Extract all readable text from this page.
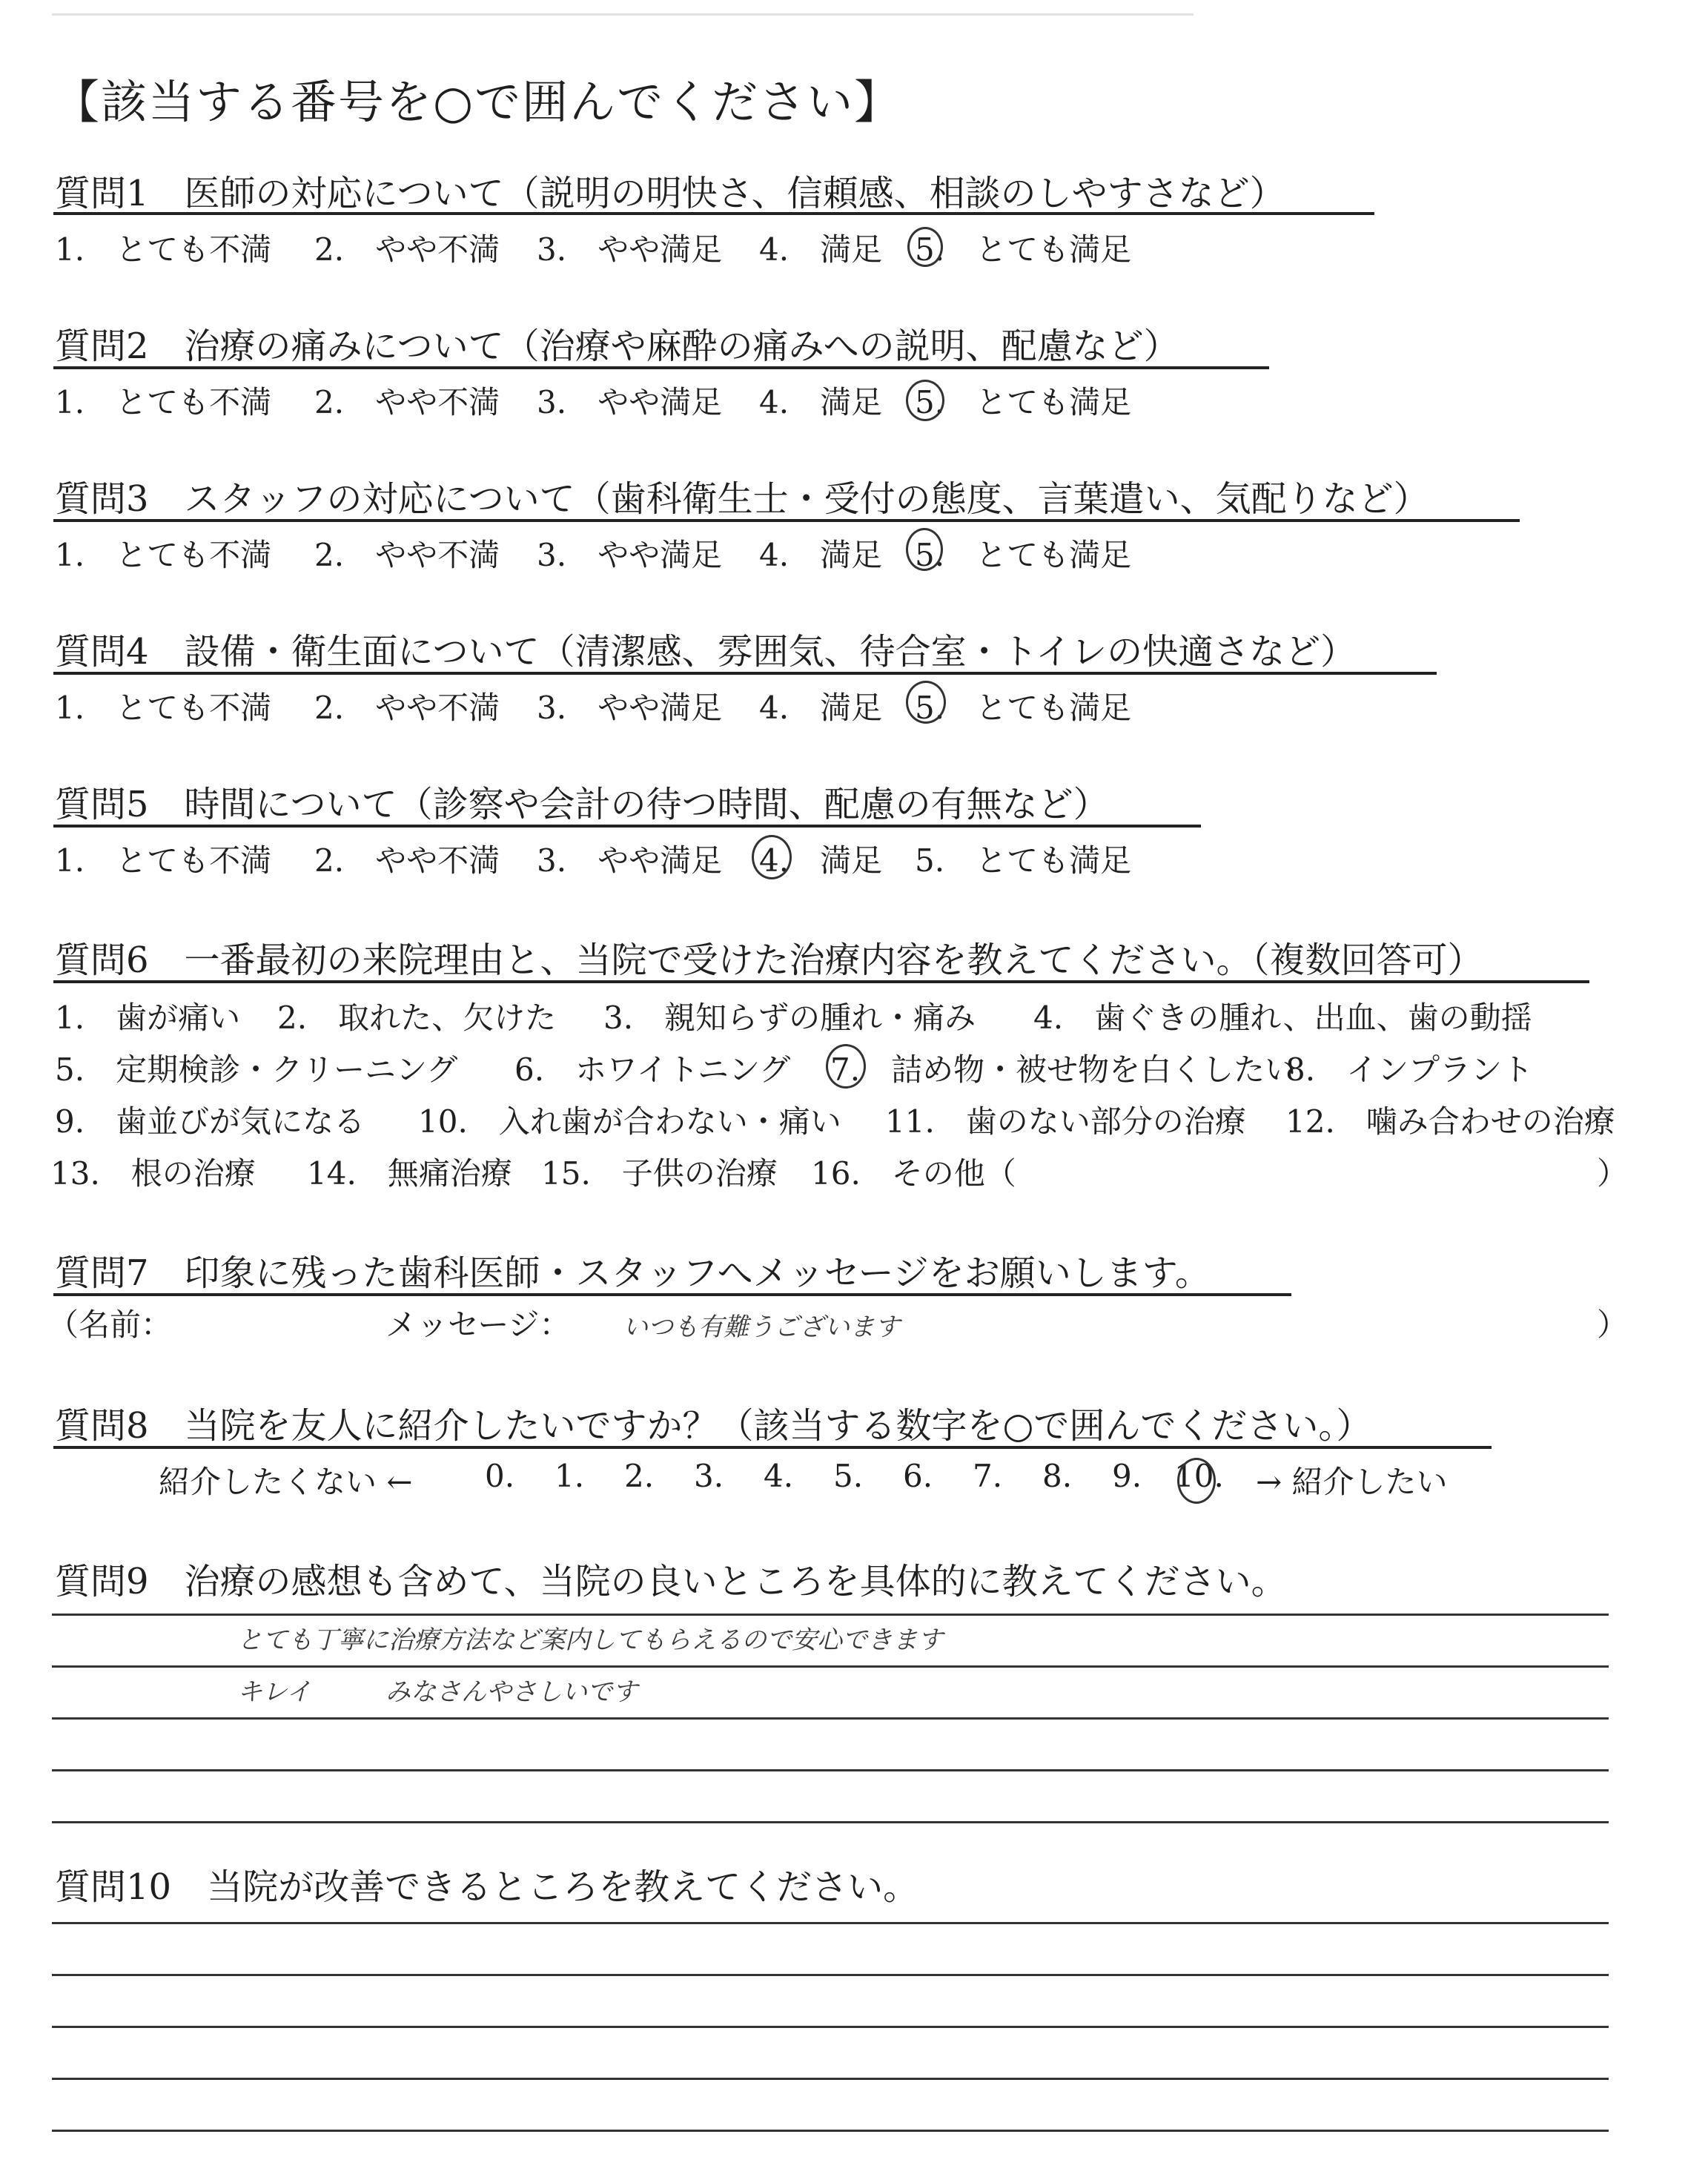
【該当する番号を○で囲んでください】
質問1　医師の対応について（説明の明快さ、信頼感、相談のしやすさなど）
1.　とても不満 2.　やや不満 3.　やや満足 4.　満足 5.　とても満足
質問2　治療の痛みについて（治療や麻酔の痛みへの説明、配慮など）
1.　とても不満 2.　やや不満 3.　やや満足 4.　満足 5.　とても満足
質問3　スタッフの対応について（歯科衛生士・受付の態度、言葉遣い、気配りなど）
1.　とても不満 2.　やや不満 3.　やや満足 4.　満足 5.　とても満足
質問4　設備・衛生面について（清潔感、雰囲気、待合室・トイレの快適さなど）
1.　とても不満 2.　やや不満 3.　やや満足 4.　満足 5.　とても満足
質問5　時間について（診察や会計の待つ時間、配慮の有無など）
1.　とても不満 2.　やや不満 3.　やや満足 4.　満足 5.　とても満足
質問6　一番最初の来院理由と、当院で受けた治療内容を教えてください。（複数回答可）
1.　歯が痛い 2.　取れた、欠けた 3.　親知らずの腫れ・痛み 4.　歯ぐきの腫れ、出血、歯の動揺
5.　定期検診・クリーニング 6.　ホワイトニング 7.　詰め物・被せ物を白くしたい
8.　インプラント
9.　歯並びが気になる 10.　入れ歯が合わない・痛い 11.　歯のない部分の治療 12.　噛み合わせの治療
13.　根の治療 14.　無痛治療 15.　子供の治療 16.　その他（	）
質問7　印象に残った歯科医師・スタッフへメッセージをお願いします。
（名前：	メッセージ： いつも有難うございます	）
質問8　当院を友人に紹介したいですか？（該当する数字を○で囲んでください。）
紹介したくない ← 0. 1. 2. 3. 4. 5. 6. 7. 8. 9. 10. → 紹介したい
質問9　治療の感想も含めて、当院の良いところを具体的に教えてください。
とても丁寧に治療方法など案内してもらえるので安心できます
キレイ	みなさんやさしいです
質問10　当院が改善できるところを教えてください。
